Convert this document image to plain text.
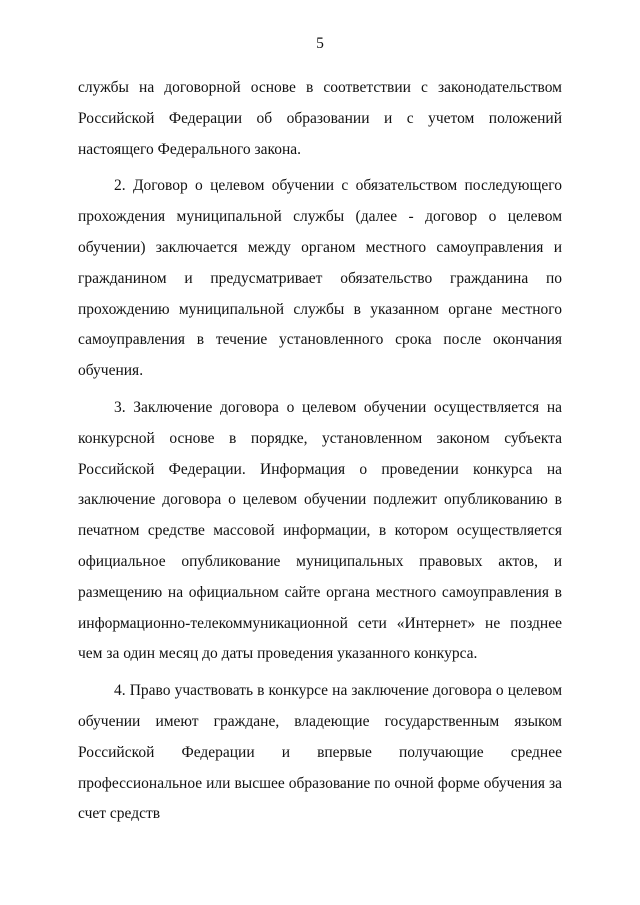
5

службы на договорной основе в соответствии с законодательством Российской Федерации об образовании и с учетом положений настоящего Федерального закона.

2. Договор о целевом обучении с обязательством последующего прохождения муниципальной службы (далее - договор о целевом обучении) заключается между органом местного самоуправления и гражданином и предусматривает обязательство гражданина по прохождению муниципальной службы в указанном органе местного самоуправления в течение установленного срока после окончания обучения.

3. Заключение договора о целевом обучении осуществляется на конкурсной основе в порядке, установленном законом субъекта Российской Федерации. Информация о проведении конкурса на заключение договора о целевом обучении подлежит опубликованию в печатном средстве массовой информации, в котором осуществляется официальное опубликование муниципальных правовых актов, и размещению на официальном сайте органа местного самоуправления в информационно-телекоммуникационной сети «Интернет» не позднее чем за один месяц до даты проведения указанного конкурса.

4. Право участвовать в конкурсе на заключение договора о целевом обучении имеют граждане, владеющие государственным языком Российской Федерации и впервые получающие среднее профессиональное или высшее образование по очной форме обучения за счет средств
